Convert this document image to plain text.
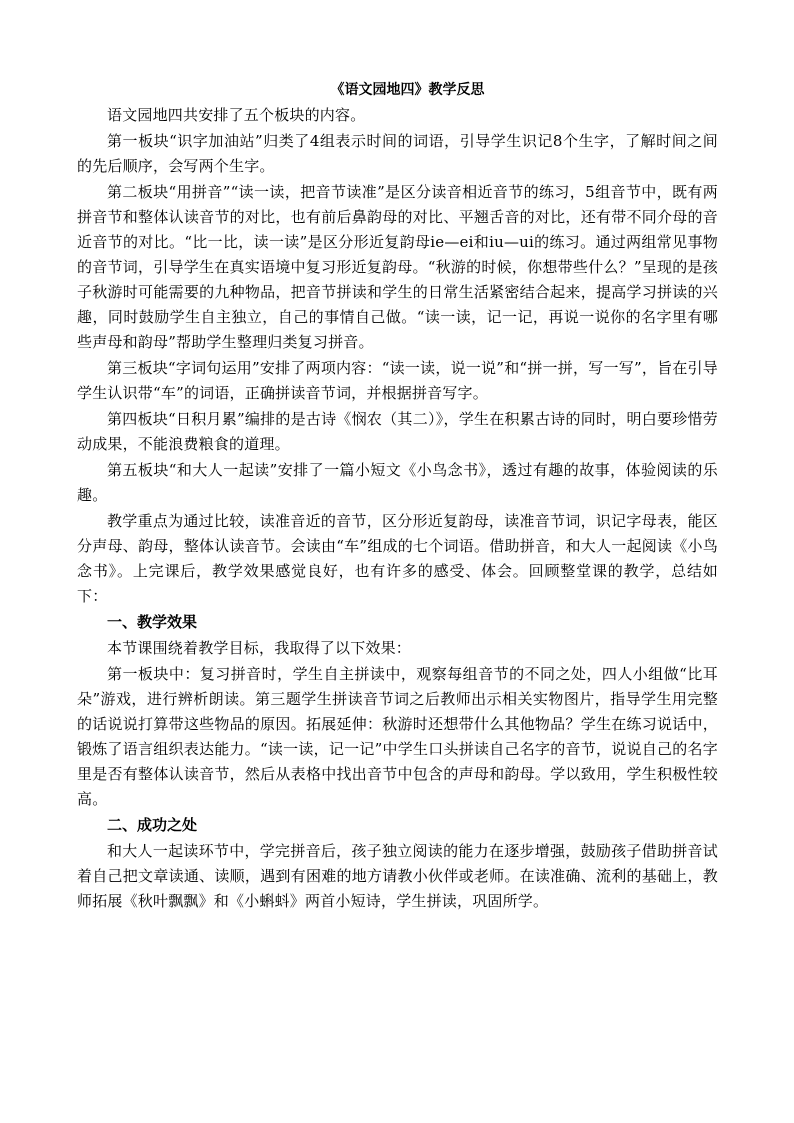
《语文园地四》教学反思

语文园地四共安排了五个板块的内容。

第一板块“识字加油站”归类了4组表示时间的词语，引导学生识记8个生字，了解时间之间的先后顺序，会写两个生字。

第二板块“用拼音”“读一读，把音节读准”是区分读音相近音节的练习，5组音节中，既有两拼音节和整体认读音节的对比，也有前后鼻韵母的对比、平翘舌音的对比，还有带不同介母的音近音节的对比。“比一比，读一读”是区分形近复韵母ie—ei和iu—ui的练习。通过两组常见事物的音节词，引导学生在真实语境中复习形近复韵母。“秋游的时候，你想带些什么？”呈现的是孩子秋游时可能需要的九种物品，把音节拼读和学生的日常生活紧密结合起来，提高学习拼读的兴趣，同时鼓励学生自主独立，自己的事情自己做。“读一读，记一记，再说一说你的名字里有哪些声母和韵母”帮助学生整理归类复习拼音。

第三板块“字词句运用”安排了两项内容：“读一读，说一说”和“拼一拼，写一写”，旨在引导学生认识带“车”的词语，正确拼读音节词，并根据拼音写字。

第四板块“日积月累”编排的是古诗《悯农（其二）》，学生在积累古诗的同时，明白要珍惜劳动成果，不能浪费粮食的道理。

第五板块“和大人一起读”安排了一篇小短文《小鸟念书》，透过有趣的故事，体验阅读的乐趣。

教学重点为通过比较，读准音近的音节，区分形近复韵母，读准音节词，识记字母表，能区分声母、韵母，整体认读音节。会读由“车”组成的七个词语。借助拼音，和大人一起阅读《小鸟念书》。上完课后，教学效果感觉良好，也有许多的感受、体会。回顾整堂课的教学，总结如下：

一、教学效果

本节课围绕着教学目标，我取得了以下效果：

第一板块中：复习拼音时，学生自主拼读中，观察每组音节的不同之处，四人小组做“比耳朵”游戏，进行辨析朗读。第三题学生拼读音节词之后教师出示相关实物图片，指导学生用完整的话说说打算带这些物品的原因。拓展延伸：秋游时还想带什么其他物品？学生在练习说话中，锻炼了语言组织表达能力。“读一读，记一记”中学生口头拼读自己名字的音节，说说自己的名字里是否有整体认读音节，然后从表格中找出音节中包含的声母和韵母。学以致用，学生积极性较高。

二、成功之处

和大人一起读环节中，学完拼音后，孩子独立阅读的能力在逐步增强，鼓励孩子借助拼音试着自己把文章读通、读顺，遇到有困难的地方请教小伙伴或老师。在读准确、流利的基础上，教师拓展《秋叶飘飘》和《小蝌蚪》两首小短诗，学生拼读，巩固所学。
